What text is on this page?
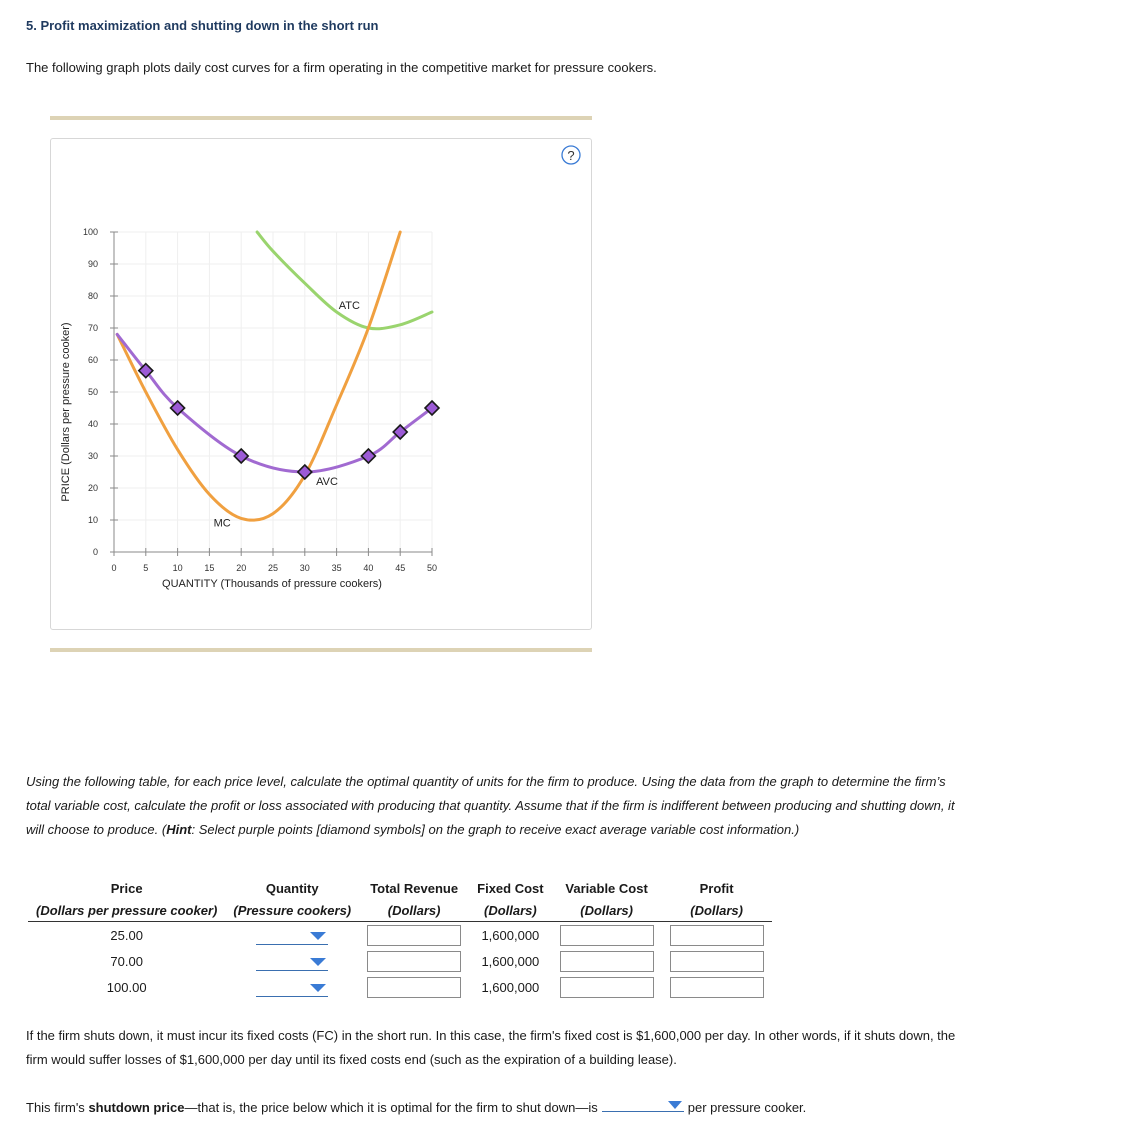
5. Profit maximization and shutting down in the short run
The following graph plots daily cost curves for a firm operating in the competitive market for pressure cookers.
?
0	5	10 15 20 25 30 35 40 45 50
0
10
20
30
40
50
60
70
80
90
100
QUANTITY (Thousands of pressure cookers)
PRICE (Dollars per pressure cooker)
ATC
AVC
MC
Using the following table, for each price level, calculate the optimal quantity of units for the firm to produce. Using the data from the graph to determine the firm’s total variable cost, calculate the profit or loss associated with producing that quantity. Assume that if the firm is indifferent between producing and shutting down, it will choose to produce. (Hint: Select purple points [diamond symbols] on the graph to receive exact average variable cost information.)
Price	Quantity	Total Revenue	Fixed Cost	Variable Cost	Profit
(Dollars per pressure cooker)	(Pressure cookers)	(Dollars)	(Dollars)	(Dollars)	(Dollars)
25.00			1,600,000		
70.00			1,600,000		
100.00			1,600,000		
If the firm shuts down, it must incur its fixed costs (FC) in the short run. In this case, the firm's fixed cost is $1,600,000 per day. In other words, if it shuts down, the firm would suffer losses of $1,600,000 per day until its fixed costs end (such as the expiration of a building lease).
This firm's shutdown price—that is, the price below which it is optimal for the firm to shut down—is	per pressure cooker.
